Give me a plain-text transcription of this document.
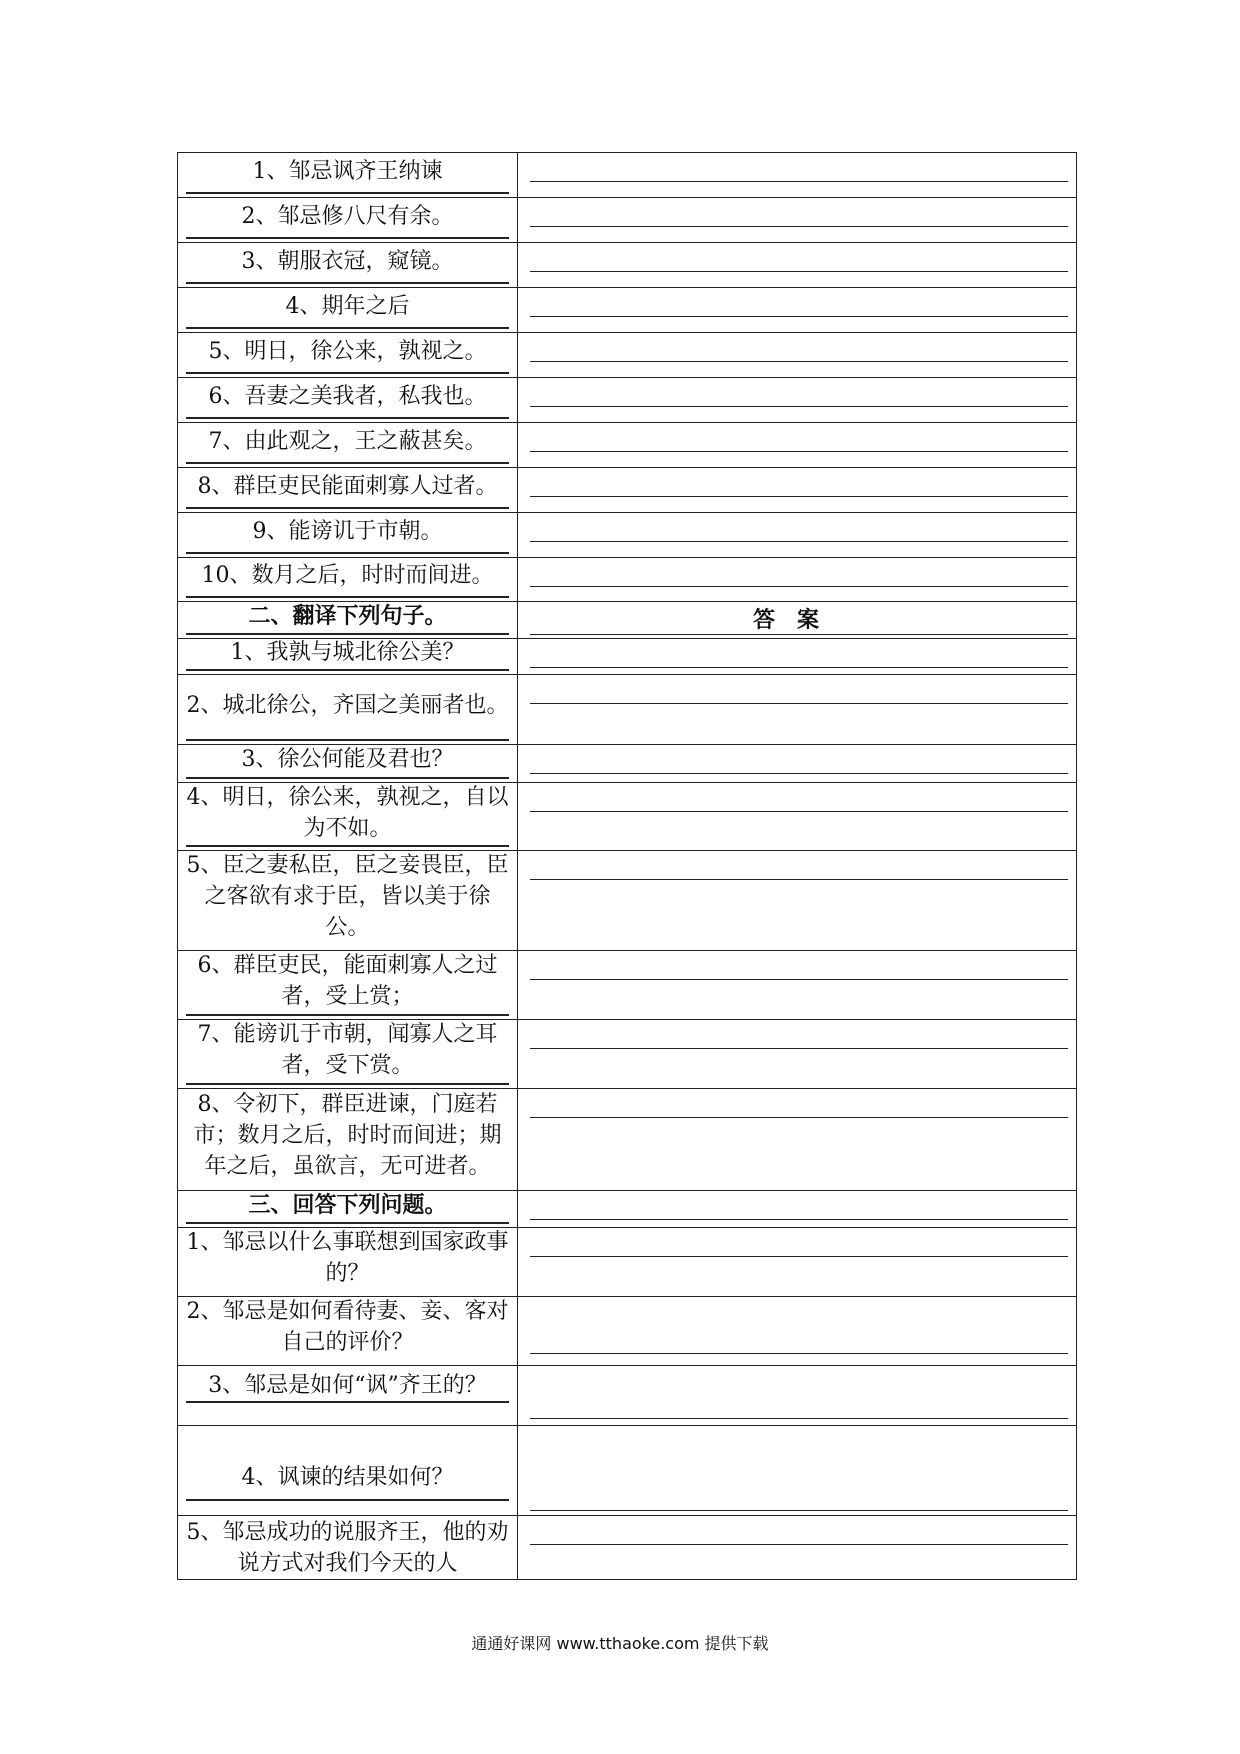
1、邹忌讽齐王纳谏
2、邹忌修八尺有余。
3、朝服衣冠，窥镜。
4、期年之后
5、明日，徐公来，孰视之。
6、吾妻之美我者，私我也。
7、由此观之，王之蔽甚矣。
8、群臣吏民能面刺寡人过者。
9、能谤讥于市朝。
10、数月之后，时时而间进。
二、翻译下列句子。	答案
1、我孰与城北徐公美？
2、城北徐公，齐国之美丽者也。
3、徐公何能及君也？
4、明日，徐公来，孰视之，自以为不如。
5、臣之妻私臣，臣之妾畏臣，臣之客欲有求于臣，皆以美于徐公。
6、群臣吏民，能面刺寡人之过者，受上赏；
7、能谤讥于市朝，闻寡人之耳者，受下赏。
8、令初下，群臣进谏，门庭若市；数月之后，时时而间进；期年之后，虽欲言，无可进者。
三、回答下列问题。
1、邹忌以什么事联想到国家政事的？
2、邹忌是如何看待妻、妾、客对自己的评价？
3、邹忌是如何“讽”齐王的？
4、讽谏的结果如何？
5、邹忌成功的说服齐王，他的劝说方式对我们今天的人
通通好课网 www.tthaoke.com 提供下载
